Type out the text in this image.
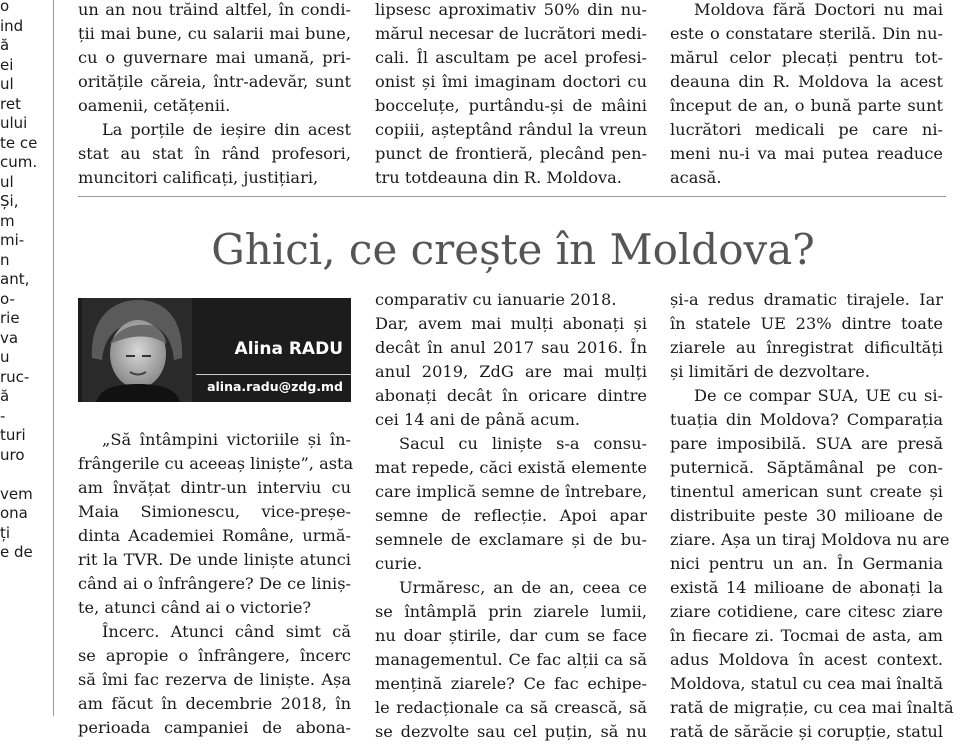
o
ind
ă
ei
ul
ret
ului
te ce
cum.
ul
Și,
m
mi-
n
ant,
o-
rie
va
u
ruc-
ă
-
turi
uro
vem
ona
ți
e de
un an nou trăind altfel, în condi-
ții mai bune, cu salarii mai bune,
cu o guvernare mai umană, pri-
oritățile căreia, într-adevăr, sunt
oamenii, cetățenii.
La porțile de ieșire din acest
stat au stat în rând profesori,
muncitori calificați, justițiari,
lipsesc aproximativ 50% din nu-
mărul necesar de lucrători medi-
cali. Îl ascultam pe acel profesi-
onist și îmi imaginam doctori cu
bocceluțe, purtându-și de mâini
copiii, așteptând rândul la vreun
punct de frontieră, plecând pen-
tru totdeauna din R. Moldova.
Moldova fără Doctori nu mai
este o constatare sterilă. Din nu-
mărul celor plecați pentru tot-
deauna din R. Moldova la acest
început de an, o bună parte sunt
lucrători medicali pe care ni-
meni nu-i va mai putea readuce
acasă.
Ghici, ce crește în Moldova?
Alina RADU
alina.radu@zdg.md
„Să întâmpini victoriile și în-
frângerile cu aceeaș liniște”, asta
am învățat dintr-un interviu cu
Maia Simionescu, vice-preșe-
dinta Academiei Române, urmă-
rit la TVR. De unde liniște atunci
când ai o înfrângere? De ce liniș-
te, atunci când ai o victorie?
Încerc. Atunci când simt că
se apropie o înfrângere, încerc
să îmi fac rezerva de liniște. Așa
am făcut în decembrie 2018, în
perioada campaniei de abona-
comparativ cu ianuarie 2018.
Dar, avem mai mulți abonați și
decât în anul 2017 sau 2016. În
anul 2019, ZdG are mai mulți
abonați decât în oricare dintre
cei 14 ani de până acum.
Sacul cu liniște s-a consu-
mat repede, căci există elemente
care implică semne de întrebare,
semne de reflecție. Apoi apar
semnele de exclamare și de bu-
curie.
Urmăresc, an de an, ceea ce
se întâmplă prin ziarele lumii,
nu doar știrile, dar cum se face
managementul. Ce fac alții ca să
mențină ziarele? Ce fac echipe-
le redacționale ca să crească, să
se dezvolte sau cel puțin, să nu
și-a redus dramatic tirajele. Iar
în statele UE 23% dintre toate
ziarele au înregistrat dificultăți
și limitări de dezvoltare.
De ce compar SUA, UE cu si-
tuația din Moldova? Comparația
pare imposibilă. SUA are presă
puternică. Săptămânal pe con-
tinentul american sunt create și
distribuite peste 30 milioane de
ziare. Așa un tiraj Moldova nu are
nici pentru un an. În Germania
există 14 milioane de abonați la
ziare cotidiene, care citesc ziare
în fiecare zi. Tocmai de asta, am
adus Moldova în acest context.
Moldova, statul cu cea mai înaltă
rată de migrație, cu cea mai înaltă
rată de sărăcie și corupție, statul
